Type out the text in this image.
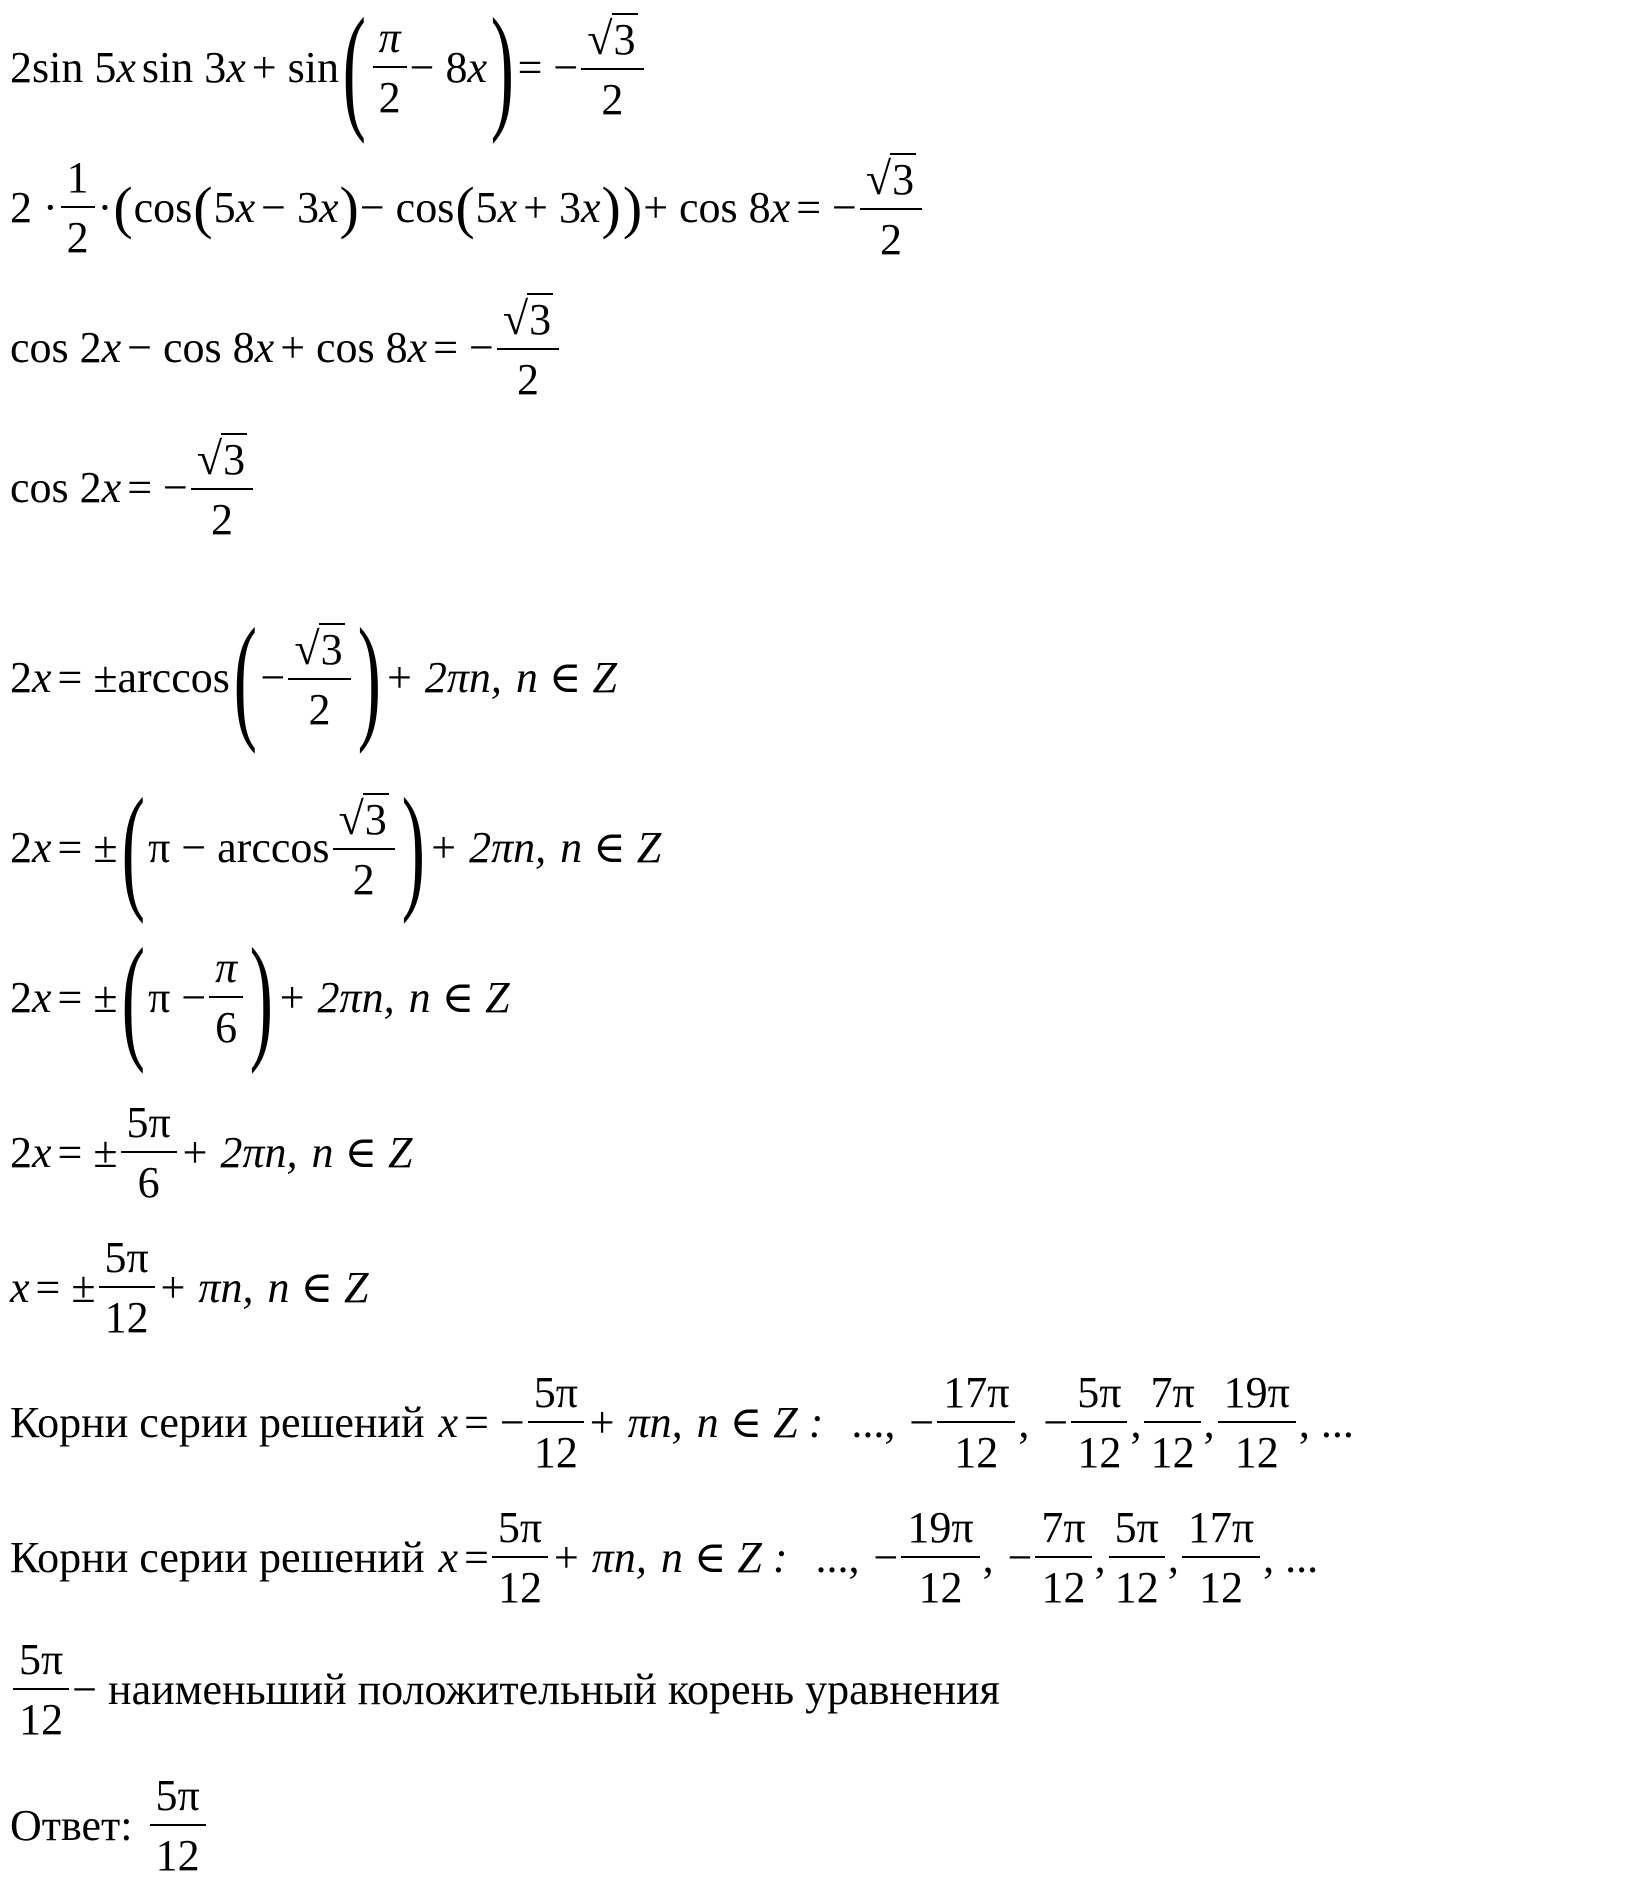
2sin 5 x sin 3 x + sin ( $\frac{\pi}{2} - 8$ x ) = − $\frac{√ 3}{2}$
$2 \cdot \frac{1}{2}$ · ( cos ( 5 x − 3 x ) − cos ( 5 x + 3 x ) ) + cos 8 x = − $\frac{√ 3}{2}$
cos 2 x − cos 8 x + cos 8 x = − $\frac{√ 3}{2}$
cos 2 x = − $\frac{√ 3}{2}$
2 x = ±arccos ( − $\frac{√ 3}{2}$ ) + 2πn, n ∈ Z
2 x = ± ( $\pi - \arccos \frac{√ 3}{2}$ ) + 2πn, n ∈ Z
2 x = ± ( $\pi - \frac{\pi}{6}$ ) + 2πn, n ∈ Z
2 x = ± $\frac{5\pi}{6} + 2\pi n$, n ∈ Z
x = ± $\frac{5\pi}{12} + \pi n$, n ∈ Z
Корни серии решений x = − $\frac{5\pi}{12} + \pi n$, n ∈ Z : ..., − $\frac{17\pi}{12}$ , − $\frac{5\pi}{12}$ , $\frac{7\pi}{12}$ , $\frac{19\pi}{12}$ , ...
Корни серии решений $x = \frac{5\pi}{12} + \pi n$, n ∈ Z : ..., − $\frac{19\pi}{12}$ , − $\frac{7\pi}{12}$ , $\frac{5\pi}{12}$ , $\frac{17\pi}{12}$ , ...
$\frac{5\pi}{12}$ − наименьший положительный корень уравнения
Ответ: $\frac{5\pi}{12}$
